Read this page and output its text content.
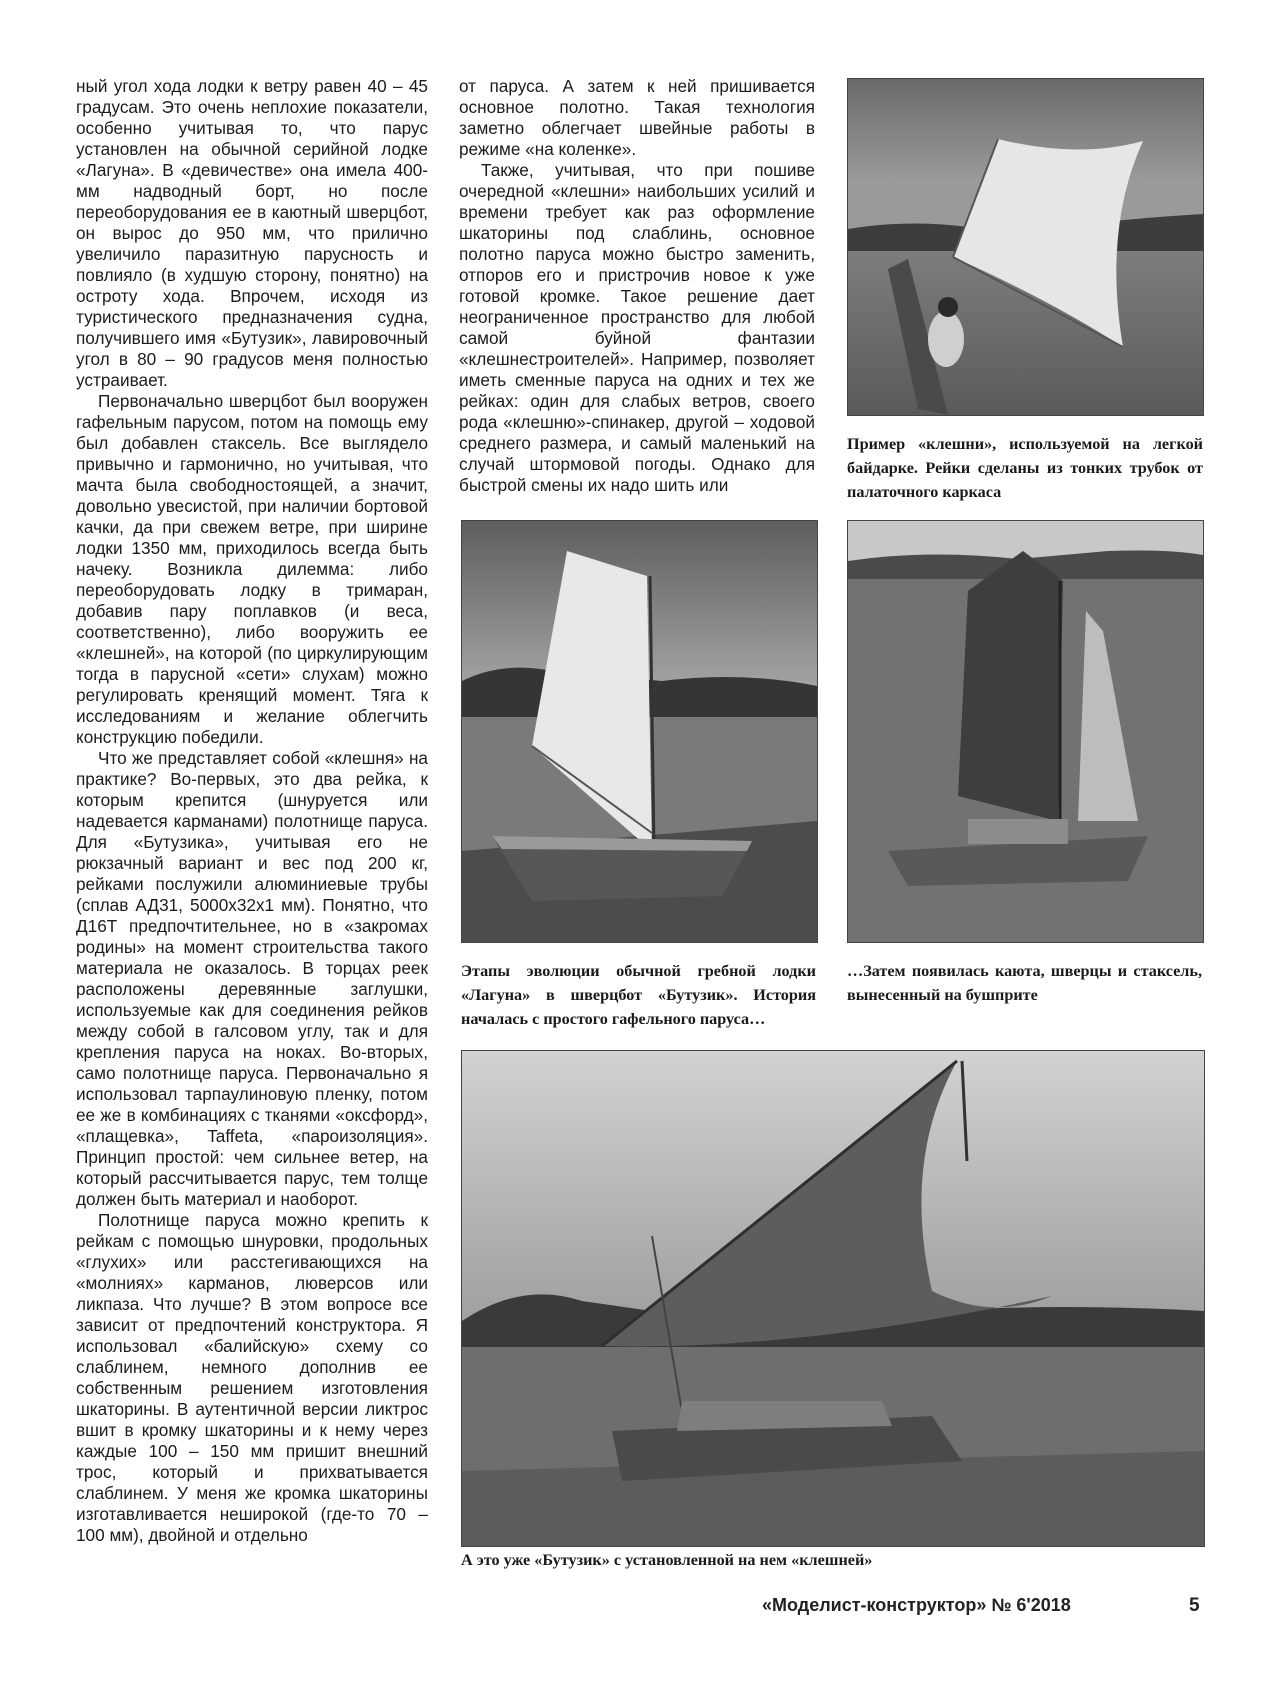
ный угол хода лодки к ветру равен 40 – 45 градусам. Это очень неплохие показатели, особенно учитывая то, что парус установлен на обычной серийной лодке «Лагуна». В «девичестве» она имела 400-мм надводный борт, но после переоборудования ее в каютный шверцбот, он вырос до 950 мм, что прилично увеличило паразитную парусность и повлияло (в худшую сторону, понятно) на остроту хода. Впрочем, исходя из туристического предназначения судна, получившего имя «Бутузик», лавировочный угол в 80 – 90 градусов меня полностью устраивает.

Первоначально шверцбот был вооружен гафельным парусом, потом на помощь ему был добавлен стаксель. Все выглядело привычно и гармонично, но учитывая, что мачта была свободностоящей, а значит, довольно увесистой, при наличии бортовой качки, да при свежем ветре, при ширине лодки 1350 мм, приходилось всегда быть начеку. Возникла дилемма: либо переоборудовать лодку в тримаран, добавив пару поплавков (и веса, соответственно), либо вооружить ее «клешней», на которой (по циркулирующим тогда в парусной «сети» слухам) можно регулировать кренящий момент. Тяга к исследованиям и желание облегчить конструкцию победили.

Что же представляет собой «клешня» на практике? Во-первых, это два рейка, к которым крепится (шнуруется или надевается карманами) полотнище паруса. Для «Бутузика», учитывая его не рюкзачный вариант и вес под 200 кг, рейками послужили алюминиевые трубы (сплав АД31, 5000х32х1 мм). Понятно, что Д16Т предпочтительнее, но в «закромах родины» на момент строительства такого материала не оказалось. В торцах реек расположены деревянные заглушки, используемые как для соединения рейков между собой в галсовом углу, так и для крепления паруса на ноках. Во-вторых, само полотнище паруса. Первоначально я использовал тарпаулиновую пленку, потом ее же в комбинациях с тканями «оксфорд», «плащевка», Taffeta, «пароизоляция». Принцип простой: чем сильнее ветер, на который рассчитывается парус, тем толще должен быть материал и наоборот.

Полотнище паруса можно крепить к рейкам с помощью шнуровки, продольных «глухих» или расстегивающихся на «молниях» карманов, люверсов или ликпаза. Что лучше? В этом вопросе все зависит от предпочтений конструктора. Я использовал «балийскую» схему со слаблинем, немного дополнив ее собственным решением изготовления шкаторины. В аутентичной версии ликтрос вшит в кромку шкаторины и к нему через каждые 100 – 150 мм пришит внешний трос, который и прихватывается слаблинем. У меня же кромка шкаторины изготавливается неширокой (где-то 70 – 100 мм), двойной и отдельно

от паруса. А затем к ней пришивается основное полотно. Такая технология заметно облегчает швейные работы в режиме «на коленке».

Также, учитывая, что при пошиве очередной «клешни» наибольших усилий и времени требует как раз оформление шкаторины под слаблинь, основное полотно паруса можно быстро заменить, отпоров его и пристрочив новое к уже готовой кромке. Такое решение дает неограниченное пространство для любой самой буйной фантазии «клешнестроителей». Например, позволяет иметь сменные паруса на одних и тех же рейках: один для слабых ветров, своего рода «клешню»-спинакер, другой – ходовой среднего размера, и самый маленький на случай штормовой погоды. Однако для быстрой смены их надо шить или

Пример «клешни», используемой на легкой байдарке. Рейки сделаны из тонких трубок от палаточного каркаса
Этапы эволюции обычной гребной лодки «Лагуна» в шверцбот «Бутузик». История началась с простого гафельного паруса…
…Затем появилась каюта, шверцы и стаксель, вынесенный на бушприте
А это уже «Бутузик» с установленной на нем «клешней»
«Моделист-конструктор» № 6'2018	5
